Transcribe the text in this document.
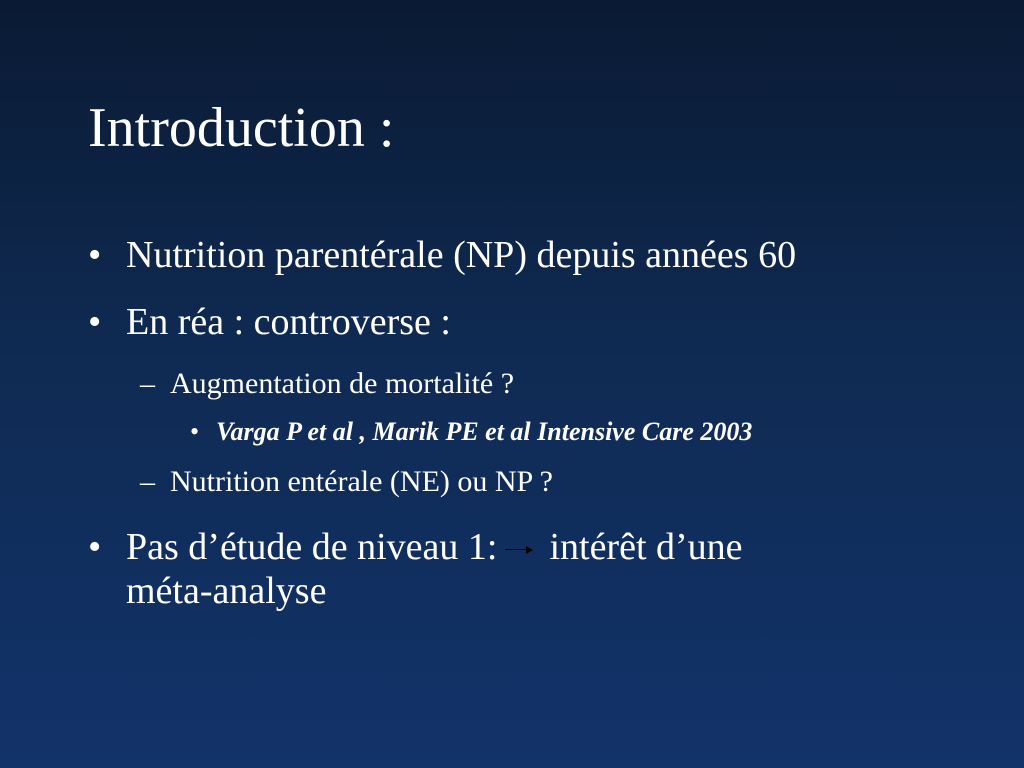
Introduction :
• Nutrition parentérale (NP) depuis années 60
• En réa : controverse :
– Augmentation de mortalité ?
• Varga P et al , Marik PE et al Intensive Care 2003
– Nutrition entérale (NE) ou NP ?
• Pas d’étude de niveau 1: intérêt d’une
méta-analyse
